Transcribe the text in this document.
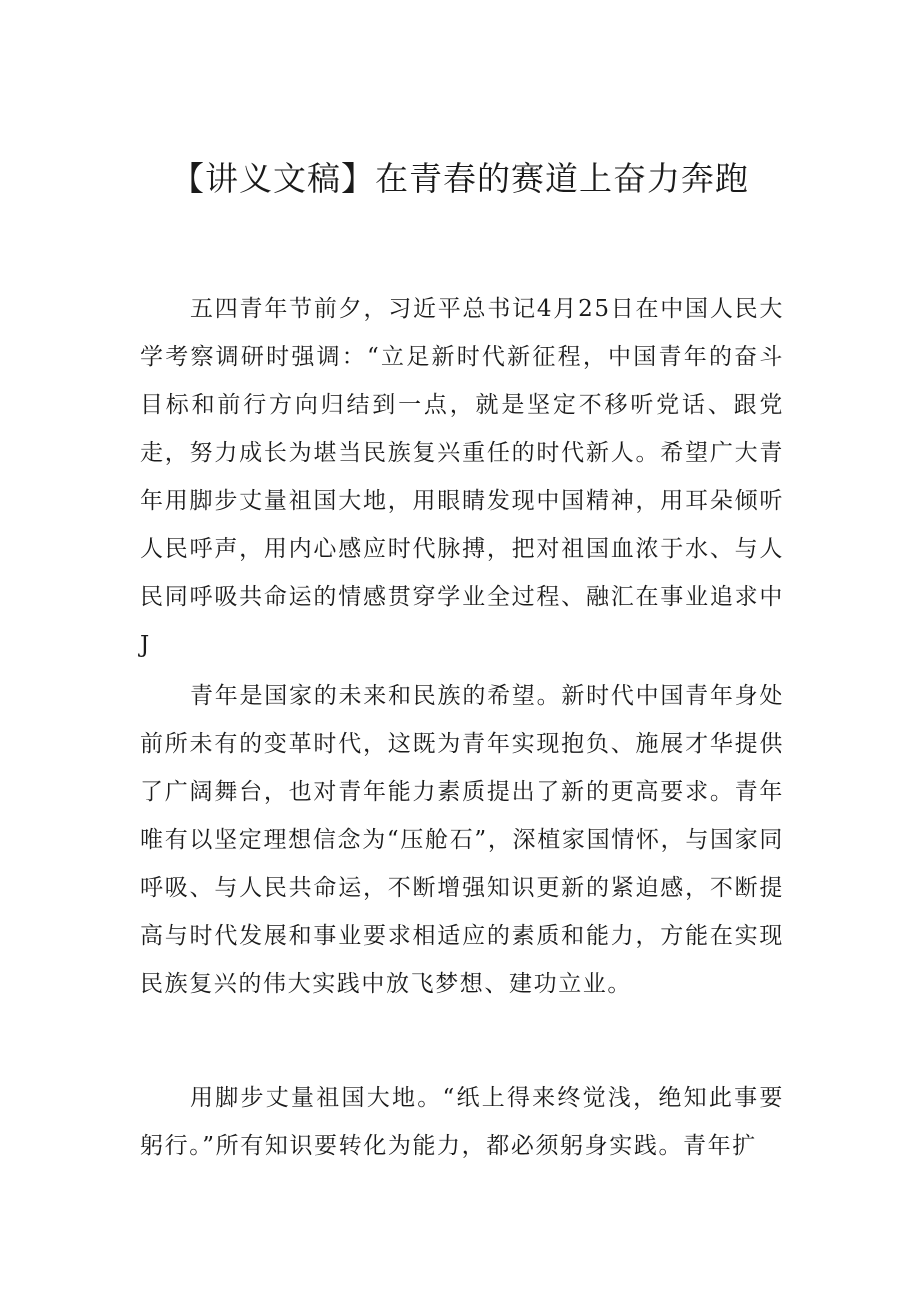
【讲义文稿】在青春的赛道上奋力奔跑

五四青年节前夕，习近平总书记4月25日在中国人民大学考察调研时强调：“立足新时代新征程，中国青年的奋斗目标和前行方向归结到一点，就是坚定不移听党话、跟党走，努力成长为堪当民族复兴重任的时代新人。希望广大青年用脚步丈量祖国大地，用眼睛发现中国精神，用耳朵倾听人民呼声，用内心感应时代脉搏，把对祖国血浓于水、与人民同呼吸共命运的情感贯穿学业全过程、融汇在事业追求中J

青年是国家的未来和民族的希望。新时代中国青年身处前所未有的变革时代，这既为青年实现抱负、施展才华提供了广阔舞台，也对青年能力素质提出了新的更高要求。青年唯有以坚定理想信念为“压舱石”，深植家国情怀，与国家同呼吸、与人民共命运，不断增强知识更新的紧迫感，不断提高与时代发展和事业要求相适应的素质和能力，方能在实现民族复兴的伟大实践中放飞梦想、建功立业。

用脚步丈量祖国大地。“纸上得来终觉浅，绝知此事要躬行。”所有知识要转化为能力，都必须躬身实践。青年扩
